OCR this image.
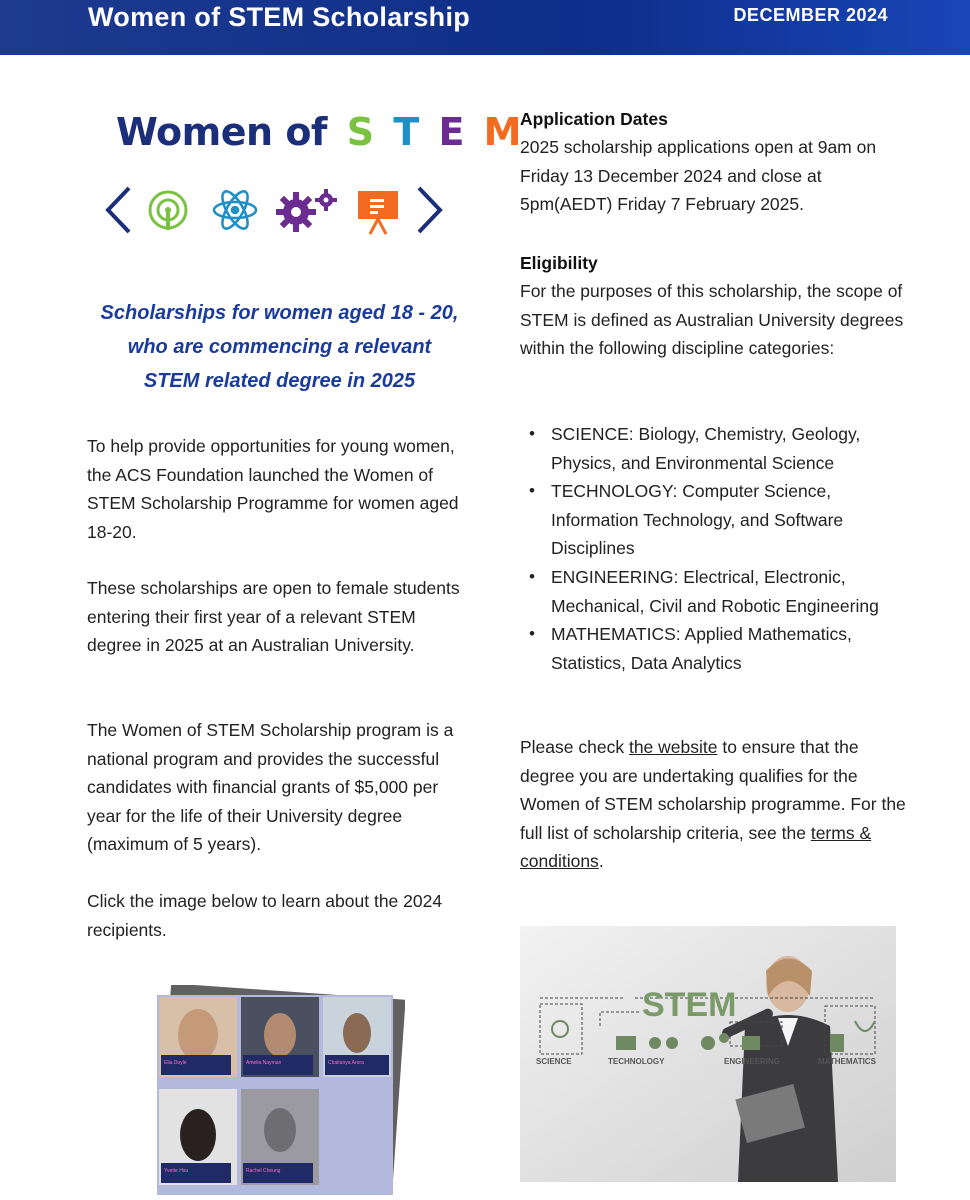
Women of STEM Scholarship	DECEMBER 2024
Women of S T E M
Scholarships for women aged 18 - 20,
who are commencing a relevant
STEM related degree in 2025

To help provide opportunities for young women, the ACS Foundation launched the Women of STEM Scholarship Programme for women aged 18-20.

These scholarships are open to female students entering their first year of a relevant STEM degree in 2025 at an Australian University.

The Women of STEM Scholarship program is a national program and provides the successful candidates with financial grants of $5,000 per year for the life of their University degree (maximum of 5 years).

Click the image below to learn about the 2024 recipients.

Application Dates

2025 scholarship applications open at 9am on Friday 13 December 2024 and close at 5pm(AEDT) Friday 7 February 2025.

Eligibility

For the purposes of this scholarship, the scope of STEM is defined as Australian University degrees within the following discipline categories:

• SCIENCE: Biology, Chemistry, Geology, Physics, and Environmental Science
• TECHNOLOGY: Computer Science, Information Technology, and Software Disciplines
• ENGINEERING: Electrical, Electronic, Mechanical, Civil and Robotic Engineering
• MATHEMATICS: Applied Mathematics, Statistics, Data Analytics

Please check the website to ensure that the degree you are undertaking qualifies for the Women of STEM scholarship programme. For the full list of scholarship criteria, see the terms & conditions.

Ella Doyle	Amelia Nayman	Chaitanya Arora
Yvette Hsu	Rachel Cheung
STEM
SCIENCE	TECHNOLOGY	ENGINEERING	MATHEMATICS
